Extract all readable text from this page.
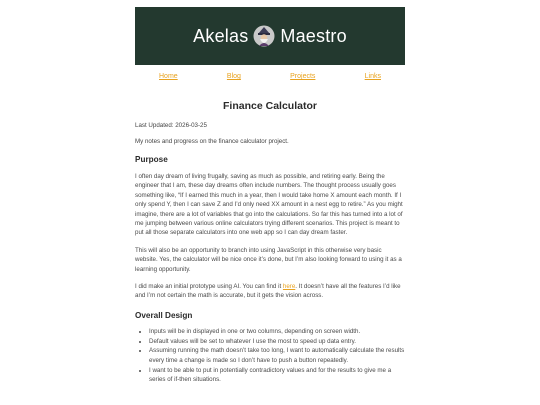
Akelas Maestro
Home	Blog	Projects	Links
Finance Calculator
Last Updated: 2026-03-25
My notes and progress on the finance calculator project.
Purpose

I often day dream of living frugally, saving as much as possible, and retiring early. Being the engineer that I am, these day dreams often include numbers. The thought process usually goes something like, “If I earned this much in a year, then I would take home X amount each month. If I only spend Y, then I can save Z and I’d only need XX amount in a nest egg to retire.” As you might imagine, there are a lot of variables that go into the calculations. So far this has turned into a lot of me jumping between various online calculators trying different scenarios. This project is meant to put all those separate calculators into one web app so I can day dream faster.

This will also be an opportunity to branch into using JavaScript in this otherwise very basic website. Yes, the calculator will be nice once it’s done, but I’m also looking forward to using it as a learning opportunity.

I did make an initial prototype using AI. You can find it here. It doesn’t have all the features I’d like and I’m not certain the math is accurate, but it gets the vision across.

Overall Design
• Inputs will be in displayed in one or two columns, depending on screen width.
• Default values will be set to whatever I use the most to speed up data entry.
• Assuming running the math doesn’t take too long, I want to automatically calculate the results every time a change is made so I don’t have to push a button repeatedly.
• I want to be able to put in potentially contradictory values and for the results to give me a series of if-then situations.
